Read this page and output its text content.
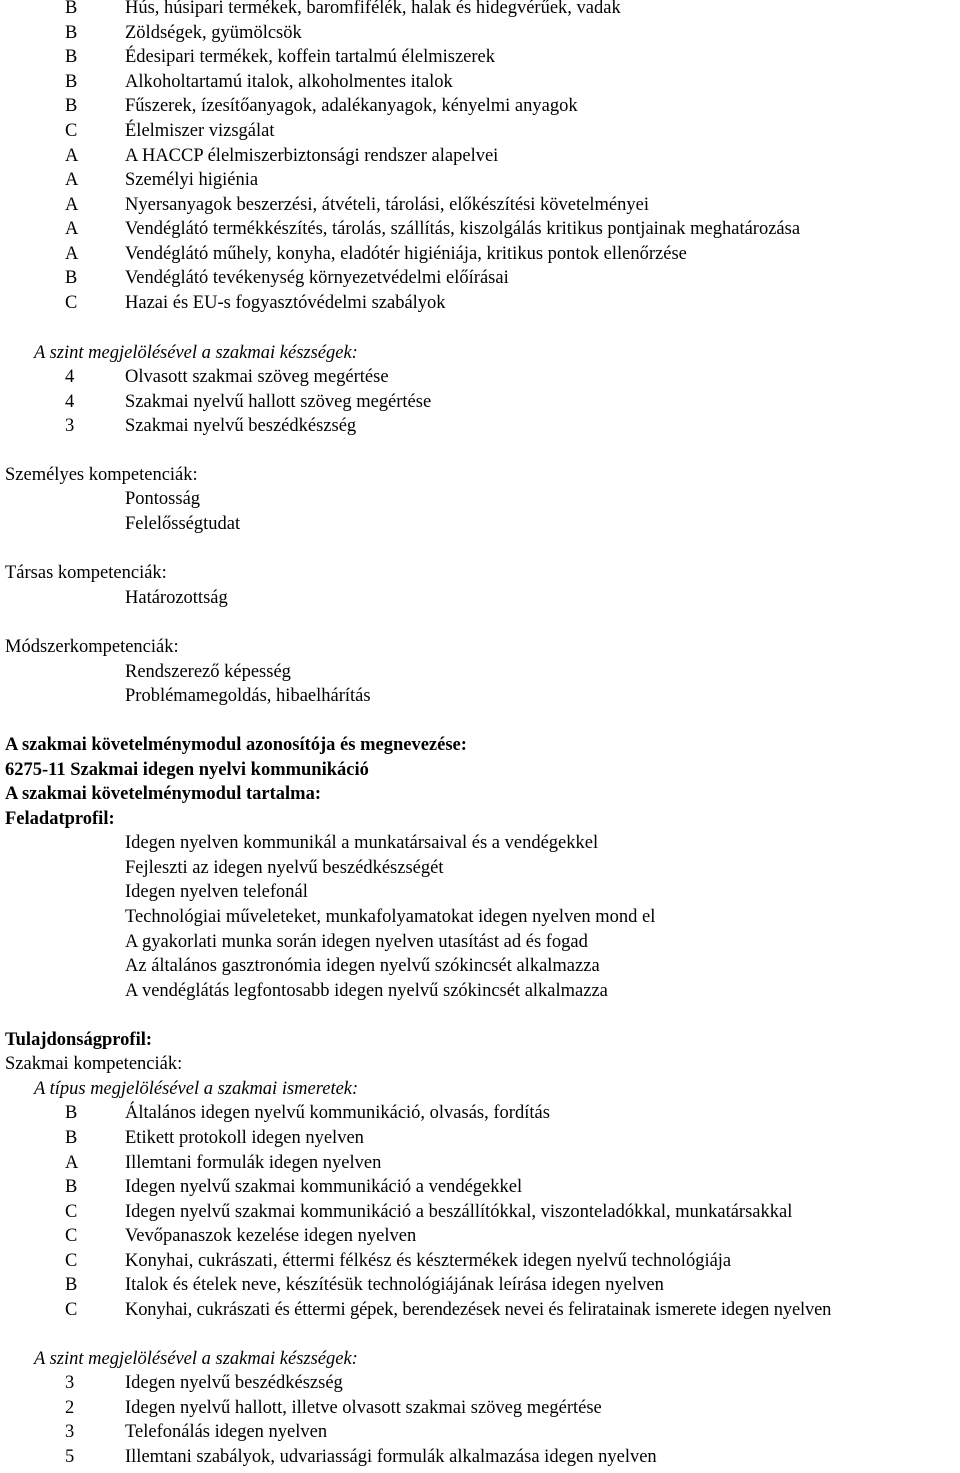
B	Hús, húsipari termékek, baromfifélék, halak és hidegvérűek, vadak
B	Zöldségek, gyümölcsök
B	Édesipari termékek, koffein tartalmú élelmiszerek
B	Alkoholtartamú italok, alkoholmentes italok
B	Fűszerek, ízesítőanyagok, adalékanyagok, kényelmi anyagok
C	Élelmiszer vizsgálat
A	A HACCP élelmiszerbiztonsági rendszer alapelvei
A	Személyi higiénia
A	Nyersanyagok beszerzési, átvételi, tárolási, előkészítési követelményei
A	Vendéglátó termékkészítés, tárolás, szállítás, kiszolgálás kritikus pontjainak meghatározása
A	Vendéglátó műhely, konyha, eladótér higiéniája, kritikus pontok ellenőrzése
B	Vendéglátó tevékenység környezetvédelmi előírásai
C	Hazai és EU-s fogyasztóvédelmi szabályok
A szint megjelölésével a szakmai készségek:
4	Olvasott szakmai szöveg megértése
4	Szakmai nyelvű hallott szöveg megértése
3	Szakmai nyelvű beszédkészség
Személyes kompetenciák:
Pontosság
Felelősségtudat
Társas kompetenciák:
Határozottság
Módszerkompetenciák:
Rendszerező képesség
Problémamegoldás, hibaelhárítás
A szakmai követelménymodul azonosítója és megnevezése:
6275-11 Szakmai idegen nyelvi kommunikáció
A szakmai követelménymodul tartalma:
Feladatprofil:
Idegen nyelven kommunikál a munkatársaival és a vendégekkel
Fejleszti az idegen nyelvű beszédkészségét
Idegen nyelven telefonál
Technológiai műveleteket, munkafolyamatokat idegen nyelven mond el
A gyakorlati munka során idegen nyelven utasítást ad és fogad
Az általános gasztronómia idegen nyelvű szókincsét alkalmazza
A vendéglátás legfontosabb idegen nyelvű szókincsét alkalmazza
Tulajdonságprofil:
Szakmai kompetenciák:
A típus megjelölésével a szakmai ismeretek:
B	Általános idegen nyelvű kommunikáció, olvasás, fordítás
B	Etikett protokoll idegen nyelven
A	Illemtani formulák idegen nyelven
B	Idegen nyelvű szakmai kommunikáció a vendégekkel
C	Idegen nyelvű szakmai kommunikáció a beszállítókkal, viszonteladókkal, munkatársakkal
C	Vevőpanaszok kezelése idegen nyelven
C	Konyhai, cukrászati, éttermi félkész és késztermékek idegen nyelvű technológiája
B	Italok és ételek neve, készítésük technológiájának leírása idegen nyelven
C	Konyhai, cukrászati és éttermi gépek, berendezések nevei és feliratainak ismerete idegen nyelven
A szint megjelölésével a szakmai készségek:
3	Idegen nyelvű beszédkészség
2	Idegen nyelvű hallott, illetve olvasott szakmai szöveg megértése
3	Telefonálás idegen nyelven
5	Illemtani szabályok, udvariassági formulák alkalmazása idegen nyelven
